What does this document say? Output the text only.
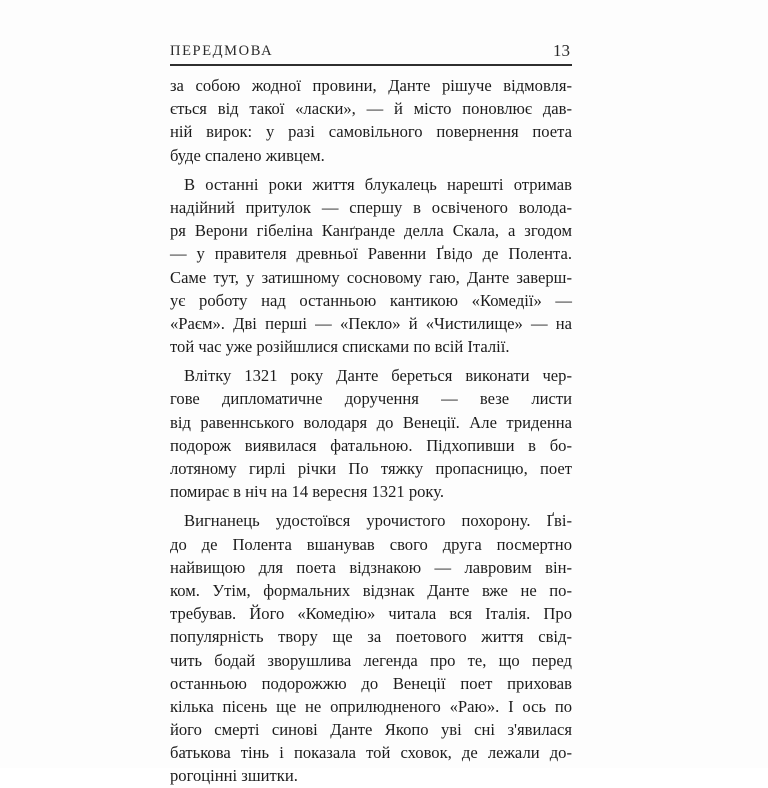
ПЕРЕДМОВА	13
за собою жодної провини, Данте рішуче відмовля-
ється від такої «ласки», — й місто поновлює дав-
ній вирок: у разі самовільного повернення поета
буде спалено живцем.
В останні роки життя блукалець нарешті отримав
надійний притулок — спершу в освіченого волода-
ря Верони гібеліна Канґранде делла Скала, а згодом
— у правителя древньої Равенни Ґвідо де Полента.
Саме тут, у затишному сосновому гаю, Данте заверш-
ує роботу над останньою кантикою «Комедії» —
«Раєм». Дві перші — «Пекло» й «Чистилище» — на
той час уже розійшлися списками по всій Італії.
Влітку 1321 року Данте береться виконати чер-
гове дипломатичне доручення — везе листи
від равеннського володаря до Венеції. Але триденна
подорож виявилася фатальною. Підхопивши в бо-
лотяному гирлі річки По тяжку пропасницю, поет
помирає в ніч на 14 вересня 1321 року.
Вигнанець удостоївся урочистого похорону. Ґві-
до де Полента вшанував свого друга посмертно
найвищою для поета відзнакою — лавровим він-
ком. Утім, формальних відзнак Данте вже не по-
требував. Його «Комедію» читала вся Італія. Про
популярність твору ще за поетового життя свід-
чить бодай зворушлива легенда про те, що перед
останньою подорожжю до Венеції поет приховав
кілька пісень ще не оприлюдненого «Раю». І ось по
його смерті синові Данте Якопо уві сні з'явилася
батькова тінь і показала той сховок, де лежали до-
рогоцінні зшитки.
